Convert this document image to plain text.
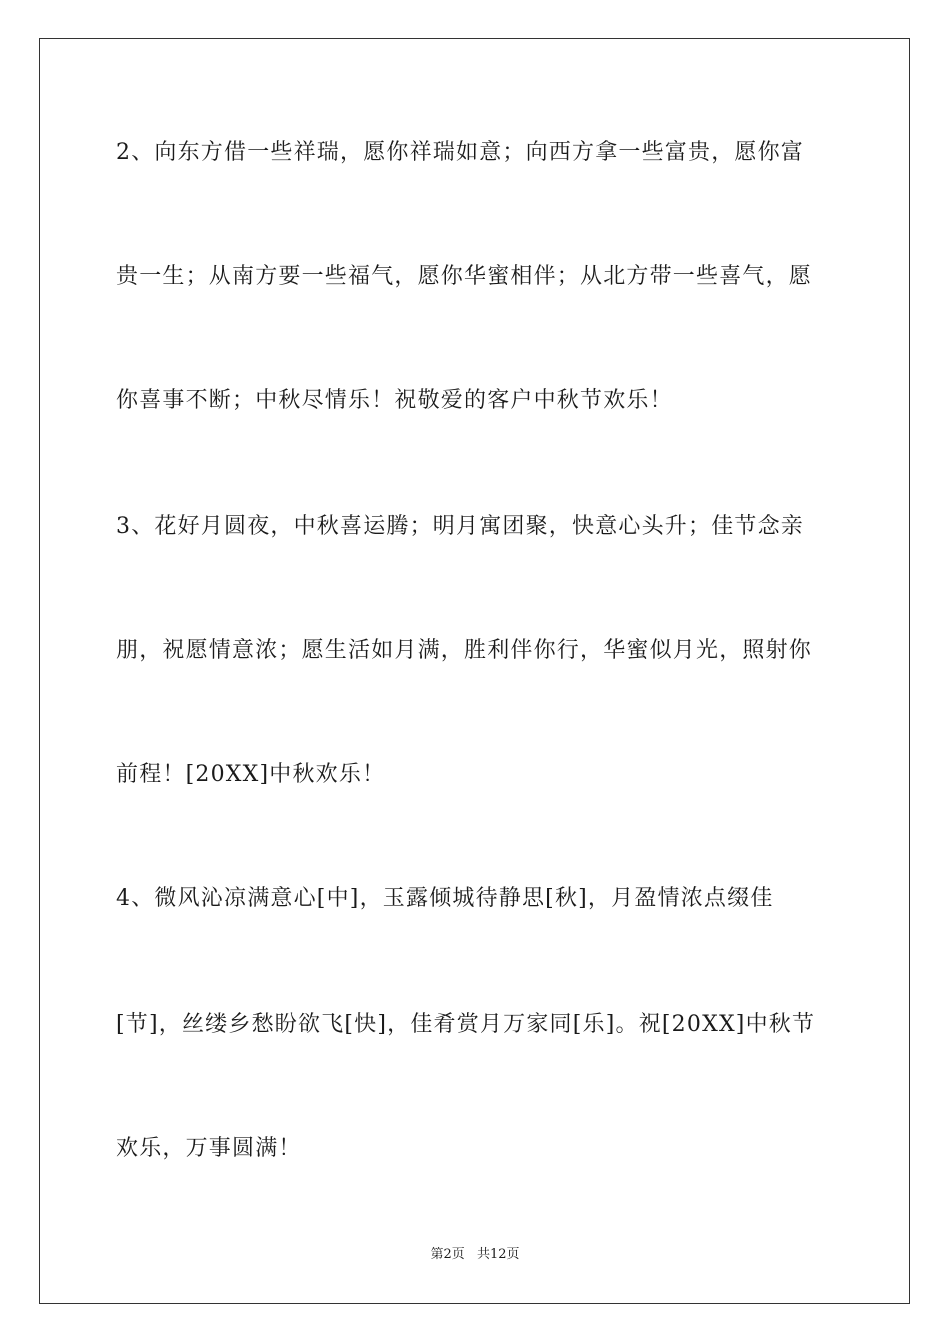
2、向东方借一些祥瑞，愿你祥瑞如意；向西方拿一些富贵，愿你富
贵一生；从南方要一些福气，愿你华蜜相伴；从北方带一些喜气，愿
你喜事不断；中秋尽情乐！祝敬爱的客户中秋节欢乐！
3、花好月圆夜，中秋喜运腾；明月寓团聚，快意心头升；佳节念亲
朋，祝愿情意浓；愿生活如月满，胜利伴你行，华蜜似月光，照射你
前程！[20XX]中秋欢乐！
4、微风沁凉满意心[中]，玉露倾城待静思[秋]，月盈情浓点缀佳
[节]，丝缕乡愁盼欲飞[快]，佳肴赏月万家同[乐]。祝[20XX]中秋节
欢乐，万事圆满！
第2页 共12页
